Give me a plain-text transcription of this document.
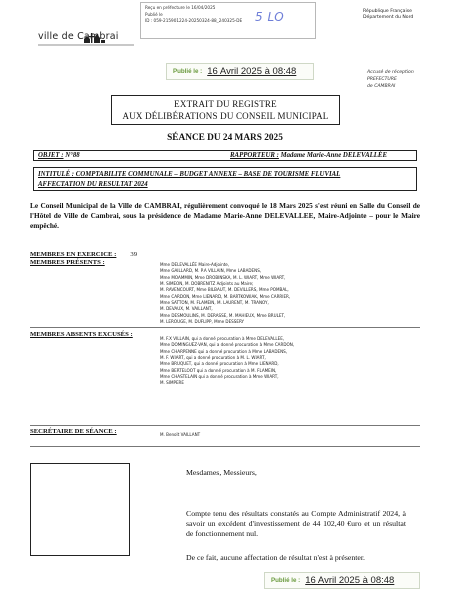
Reçu en préfecture le 16/04/2025
Publié le
ID : 059-215901224-20250324-88_240325-DE	5 LO	République Française
Département du Nord
ville de Cambrai
Publié le : 16 Avril 2025 à 08:48	Accusé de réception
PREFECTURE
de CAMBRAI
EXTRAIT DU REGISTRE
AUX DÉLIBÉRATIONS DU CONSEIL MUNICIPAL
SÉANCE DU 24 MARS 2025
OBJET : N°88	RAPPORTEUR : Madame Marie-Anne DELEVALLÉE
INTITULÉ : COMPTABILITE COMMUNALE – BUDGET ANNEXE – BASE DE TOURISME FLUVIAL
AFFECTATION DU RESULTAT 2024
Le Conseil Municipal de la Ville de CAMBRAI, régulièrement convoqué le 18 Mars 2025 s'est réuni en Salle du Conseil de l'Hôtel de Ville de Cambrai, sous la présidence de Madame Marie-Anne DELEVALLEE, Maire-Adjointe – pour le Maire empêché.
MEMBRES EN EXERCICE : 39
MEMBRES PRÉSENTS :	Mme DELEVALLÉE Maire-Adjointe,
Mme GAILLARD, M. P.A VILLAIN, Mme LABADENS,
Mme MOAMMIN, Mme DROBINSKA, M. L. WIART, Mme WIART,
M. SIMEON, M. DOBRENITZ Adjoints au Maire;
M. RAVENCOURT, Mme BILBAUT, M. DEVILLERS, Mme POMBAL,
Mme CARDON, Mme LIENARD, M. BARTKOWIAK, Mme CARRIER,
Mme SATTON, M. FLAMEIN, M. LAURENT, M. TRANOY,
M. DEVAUX, M. VAILLANT,
Mme DESMOULINS, M. DERASSE, M. MAHIEUX, Mme BRULET,
M. LEROUGE, M. DUFLIPP, Mme DESSERY
MEMBRES ABSENTS EXCUSÉS :
M. F.X VILLAIN, qui a donné procuration à Mme DELEVALLEE,
Mme DOMINGUEZ-VAN, qui a donné procuration à Mme CARDON,
Mme CHARPENNE qui a donné procuration à Mme LABADENS,
M. F. WIART, qui a donné procuration à M. L. WIART,
Mme BRUQUET, qui a donné procuration à Mme LIENARD,
Mme BERTELOOT qui a donné procuration à M. FLAMEIN,
Mme CHASTELAIN qui a donné procuration à Mme WIART,
M. SIMPERE
SECRÉTAIRE DE SÉANCE :	M. Benoît VAILLANT
Mesdames, Messieurs,
Compte tenu des résultats constatés au Compte Administratif 2024, à savoir un excédent d'investissement de 44 102,40 €uro et un résultat de fonctionnement nul.
De ce fait, aucune affectation de résultat n'est à présenter.
Publié le : 16 Avril 2025 à 08:48
